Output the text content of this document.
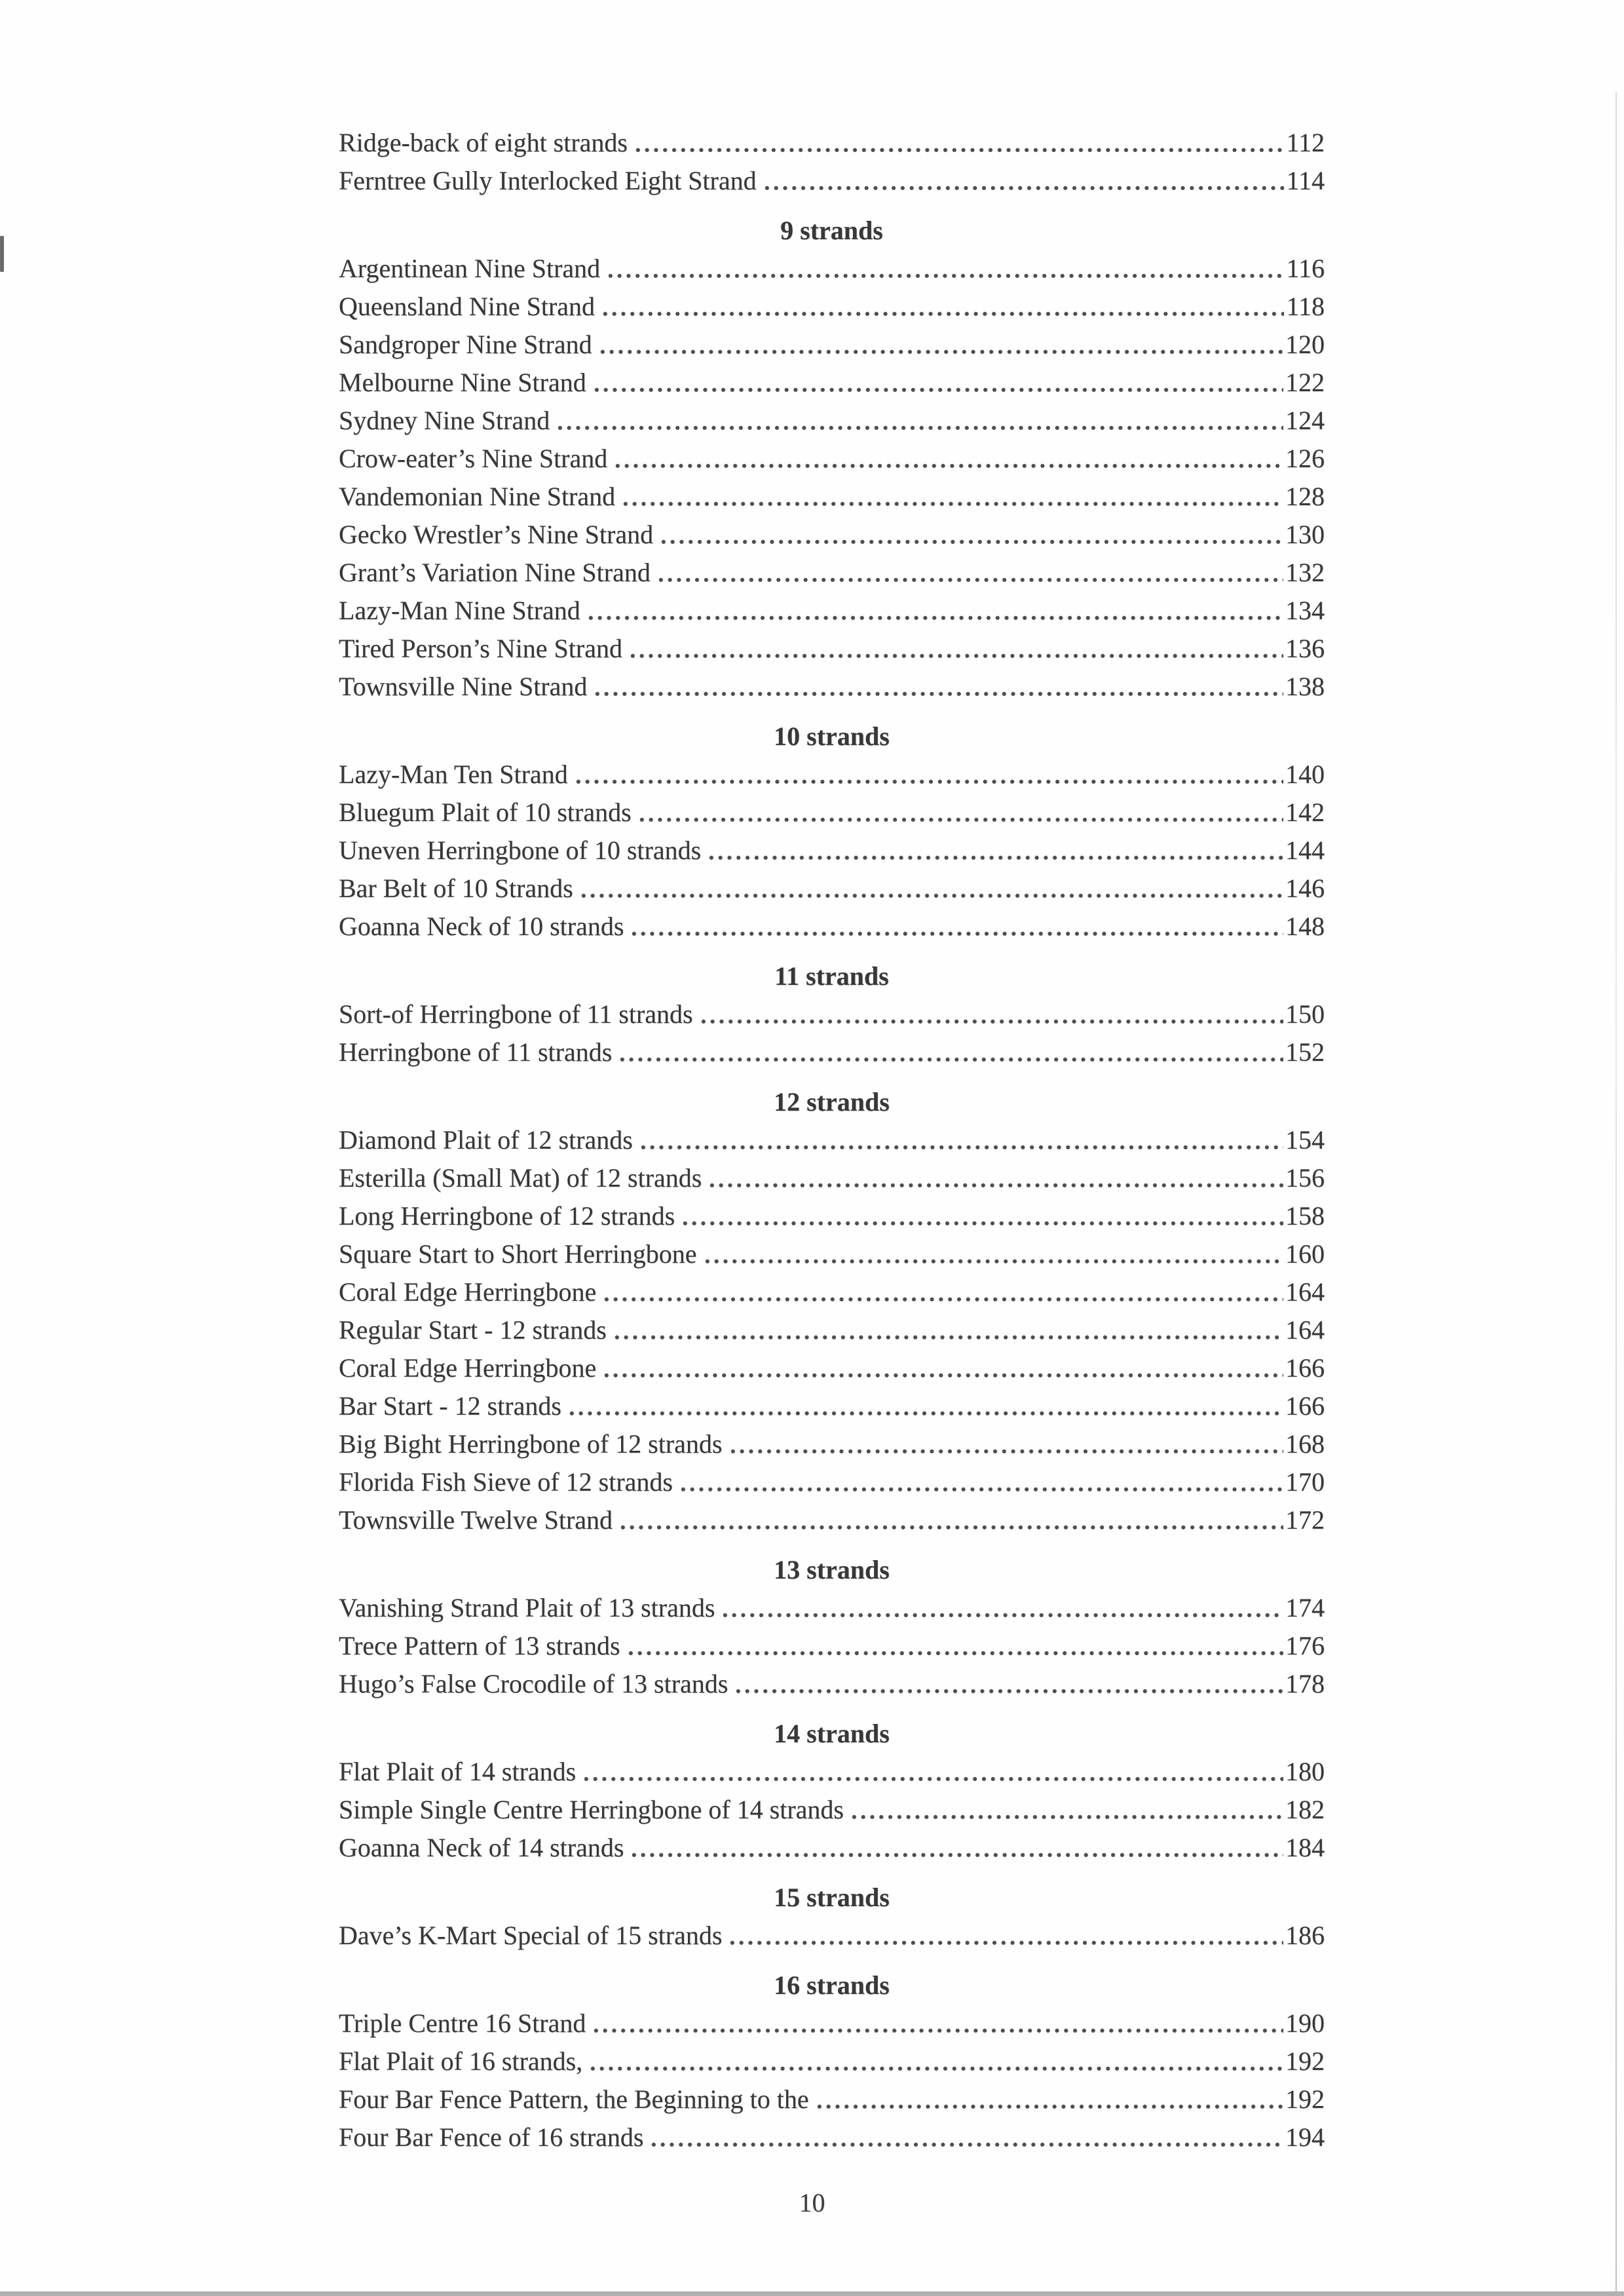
Ridge-back of eight strands	112
Ferntree Gully Interlocked Eight Strand	114
9 strands
Argentinean Nine Strand	116
Queensland Nine Strand	118
Sandgroper Nine Strand	120
Melbourne Nine Strand	122
Sydney Nine Strand	124
Crow-eater’s Nine Strand	126
Vandemonian Nine Strand	128
Gecko Wrestler’s Nine Strand	130
Grant’s Variation Nine Strand	132
Lazy-Man Nine Strand	134
Tired Person’s Nine Strand	136
Townsville Nine Strand	138
10 strands
Lazy-Man Ten Strand	140
Bluegum Plait of 10 strands	142
Uneven Herringbone of 10 strands	144
Bar Belt of 10 Strands	146
Goanna Neck of 10 strands	148
11 strands
Sort-of Herringbone of 11 strands	150
Herringbone of 11 strands	152
12 strands
Diamond Plait of 12 strands	154
Esterilla (Small Mat) of 12 strands	156
Long Herringbone of 12 strands	158
Square Start to Short Herringbone	160
Coral Edge Herringbone	164
Regular Start - 12 strands	164
Coral Edge Herringbone	166
Bar Start - 12 strands	166
Big Bight Herringbone of 12 strands	168
Florida Fish Sieve of 12 strands	170
Townsville Twelve Strand	172
13 strands
Vanishing Strand Plait of 13 strands	174
Trece Pattern of 13 strands	176
Hugo’s False Crocodile of 13 strands	178
14 strands
Flat Plait of 14 strands	180
Simple Single Centre Herringbone of 14 strands	182
Goanna Neck of 14 strands	184
15 strands
Dave’s K-Mart Special of 15 strands	186
16 strands
Triple Centre 16 Strand	190
Flat Plait of 16 strands,	192
Four Bar Fence Pattern, the Beginning to the	192
Four Bar Fence of 16 strands	194
10
